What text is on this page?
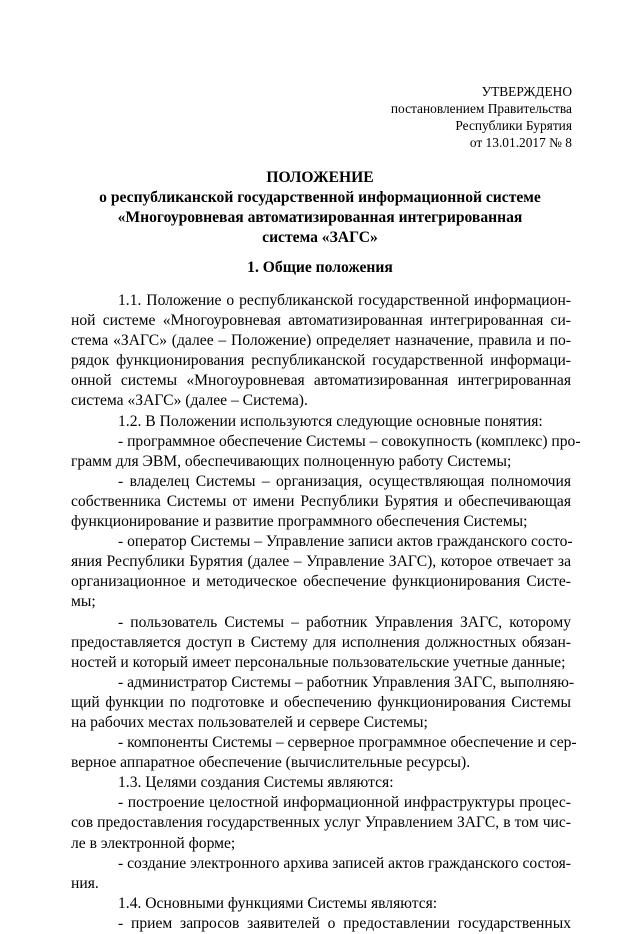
УТВЕРЖДЕНО
постановлением Правительства
Республики Бурятия
от 13.01.2017 № 8
ПОЛОЖЕНИЕ
о республиканской государственной информационной системе
«Многоуровневая автоматизированная интегрированная
система «ЗАГС»
1. Общие положения
1.1. Положение о республиканской государственной информацион-
ной системе «Многоуровневая автоматизированная интегрированная си-
стема «ЗАГС» (далее – Положение) определяет назначение, правила и по-
рядок функционирования республиканской государственной информаци-
онной системы «Многоуровневая автоматизированная интегрированная
система «ЗАГС» (далее – Система).
1.2. В Положении используются следующие основные понятия:
- программное обеспечение Системы – совокупность (комплекс) про-
грамм для ЭВМ, обеспечивающих полноценную работу Системы;
- владелец Системы – организация, осуществляющая полномочия
собственника Системы от имени Республики Бурятия и обеспечивающая
функционирование и развитие программного обеспечения Системы;
- оператор Системы – Управление записи актов гражданского состо-
яния Республики Бурятия (далее – Управление ЗАГС), которое отвечает за
организационное и методическое обеспечение функционирования Систе-
мы;
- пользователь Системы – работник Управления ЗАГС, которому
предоставляется доступ в Систему для исполнения должностных обязан-
ностей и который имеет персональные пользовательские учетные данные;
- администратор Системы – работник Управления ЗАГС, выполняю-
щий функции по подготовке и обеспечению функционирования Системы
на рабочих местах пользователей и сервере Системы;
- компоненты Системы – серверное программное обеспечение и сер-
верное аппаратное обеспечение (вычислительные ресурсы).
1.3. Целями создания Системы являются:
- построение целостной информационной инфраструктуры процес-
сов предоставления государственных услуг Управлением ЗАГС, в том чис-
ле в электронной форме;
- создание электронного архива записей актов гражданского состоя-
ния.
1.4. Основными функциями Системы являются:
- прием запросов заявителей о предоставлении государственных
